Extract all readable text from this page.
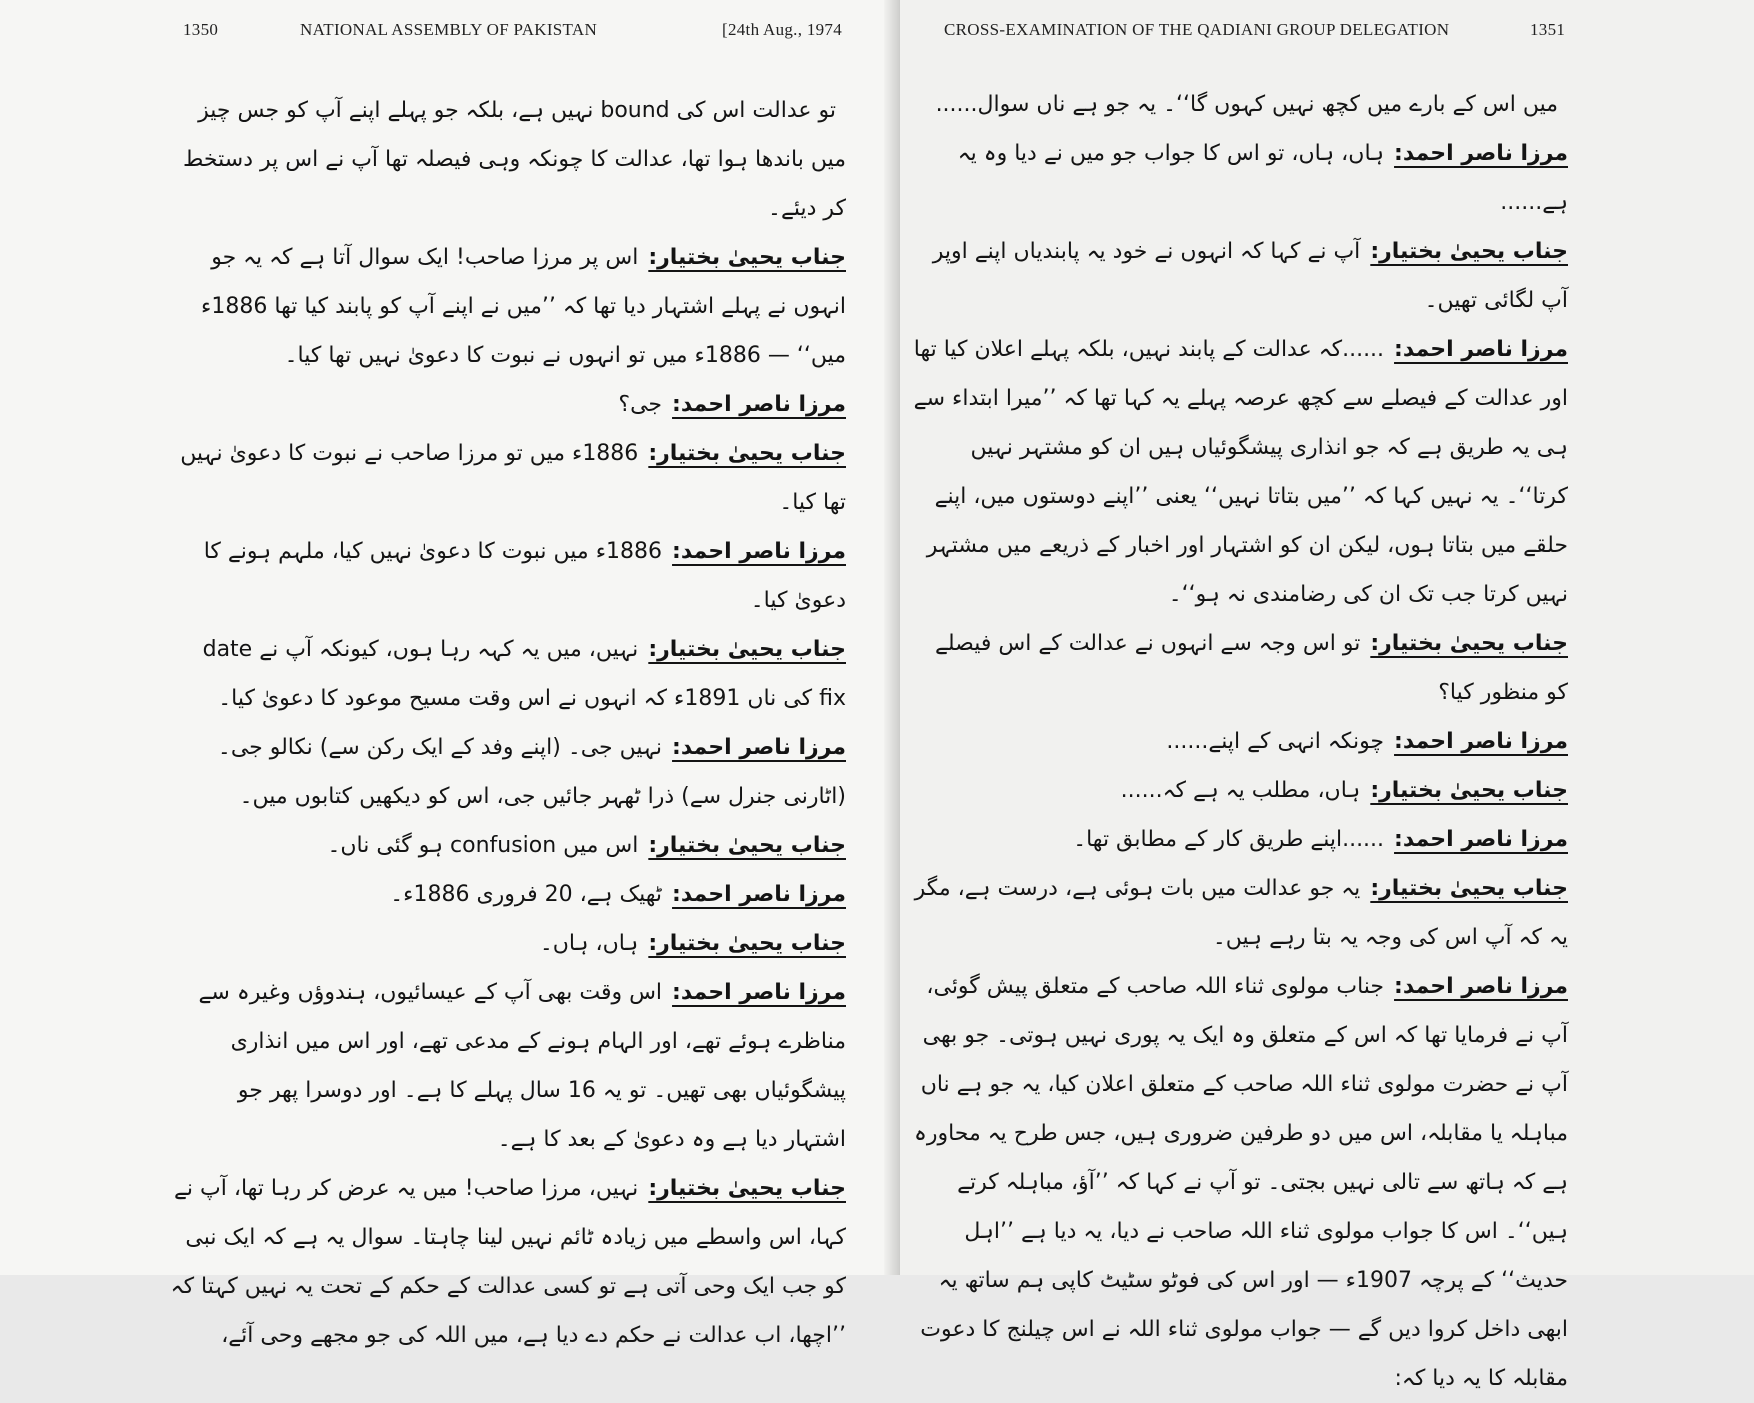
1350	NATIONAL ASSEMBLY OF PAKISTAN	[24th Aug., 1974

تو عدالت اس کی bound نہیں ہے، بلکہ جو پہلے اپنے آپ کو جس چیز میں باندھا ہوا تھا، عدالت کا چونکہ وہی فیصلہ تھا آپ نے اس پر دستخط کر دیئے۔

جناب یحییٰ بختیار:اس پر مرزا صاحب! ایک سوال آتا ہے کہ یہ جو انہوں نے پہلے اشتہار دیا تھا کہ ’’میں نے اپنے آپ کو پابند کیا تھا 1886ء میں‘‘ — 1886ء میں تو انہوں نے نبوت کا دعویٰ نہیں تھا کیا۔

مرزا ناصر احمد:جی؟

جناب یحییٰ بختیار:1886ء میں تو مرزا صاحب نے نبوت کا دعویٰ نہیں تھا کیا۔

مرزا ناصر احمد:1886ء میں نبوت کا دعویٰ نہیں کیا، ملہم ہونے کا دعویٰ کیا۔

جناب یحییٰ بختیار:نہیں، میں یہ کہہ رہا ہوں، کیونکہ آپ نے date fix کی ناں 1891ء کہ انہوں نے اس وقت مسیح موعود کا دعویٰ کیا۔

مرزا ناصر احمد:نہیں جی۔ (اپنے وفد کے ایک رکن سے) نکالو جی۔ (اٹارنی جنرل سے) ذرا ٹھہر جائیں جی، اس کو دیکھیں کتابوں میں۔

جناب یحییٰ بختیار:اس میں confusion ہو گئی ناں۔

مرزا ناصر احمد:ٹھیک ہے، 20 فروری 1886ء۔

جناب یحییٰ بختیار:ہاں، ہاں۔

مرزا ناصر احمد:اس وقت بھی آپ کے عیسائیوں، ہندوؤں وغیرہ سے مناظرے ہوئے تھے، اور الہام ہونے کے مدعی تھے، اور اس میں انذاری پیشگوئیاں بھی تھیں۔ تو یہ 16 سال پہلے کا ہے۔ اور دوسرا پھر جو اشتہار دیا ہے وہ دعویٰ کے بعد کا ہے۔

جناب یحییٰ بختیار:نہیں، مرزا صاحب! میں یہ عرض کر رہا تھا، آپ نے کہا، اس واسطے میں زیادہ ٹائم نہیں لینا چاہتا۔ سوال یہ ہے کہ ایک نبی کو جب ایک وحی آتی ہے تو کسی عدالت کے حکم کے تحت یہ نہیں کہتا کہ ’’اچھا، اب عدالت نے حکم دے دیا ہے، میں اللہ کی جو مجھے وحی آئے،

CROSS-EXAMINATION OF THE QADIANI GROUP DELEGATION	1351

میں اس کے بارے میں کچھ نہیں کہوں گا‘‘۔ یہ جو ہے ناں سوال......

مرزا ناصر احمد:ہاں، ہاں، تو اس کا جواب جو میں نے دیا وہ یہ ہے......

جناب یحییٰ بختیار:آپ نے کہا کہ انہوں نے خود یہ پابندیاں اپنے اوپر آپ لگائی تھیں۔

مرزا ناصر احمد:......کہ عدالت کے پابند نہیں، بلکہ پہلے اعلان کیا تھا اور عدالت کے فیصلے سے کچھ عرصہ پہلے یہ کہا تھا کہ ’’میرا ابتداء سے ہی یہ طریق ہے کہ جو انذاری پیشگوئیاں ہیں ان کو مشتہر نہیں کرتا‘‘۔ یہ نہیں کہا کہ ’’میں بتاتا نہیں‘‘ یعنی ’’اپنے دوستوں میں، اپنے حلقے میں بتاتا ہوں، لیکن ان کو اشتہار اور اخبار کے ذریعے میں مشتہر نہیں کرتا جب تک ان کی رضامندی نہ ہو‘‘۔

جناب یحییٰ بختیار:تو اس وجہ سے انہوں نے عدالت کے اس فیصلے کو منظور کیا؟

مرزا ناصر احمد:چونکہ انہی کے اپنے......

جناب یحییٰ بختیار:ہاں، مطلب یہ ہے کہ......

مرزا ناصر احمد:......اپنے طریق کار کے مطابق تھا۔

جناب یحییٰ بختیار:یہ جو عدالت میں بات ہوئی ہے، درست ہے، مگر یہ کہ آپ اس کی وجہ یہ بتا رہے ہیں۔

مرزا ناصر احمد:جناب مولوی ثناء اللہ صاحب کے متعلق پیش گوئی، آپ نے فرمایا تھا کہ اس کے متعلق وہ ایک یہ پوری نہیں ہوتی۔ جو بھی آپ نے حضرت مولوی ثناء اللہ صاحب کے متعلق اعلان کیا، یہ جو ہے ناں مباہلہ یا مقابلہ، اس میں دو طرفین ضروری ہیں، جس طرح یہ محاورہ ہے کہ ہاتھ سے تالی نہیں بجتی۔ تو آپ نے کہا کہ ’’آؤ، مباہلہ کرتے ہیں‘‘۔ اس کا جواب مولوی ثناء اللہ صاحب نے دیا، یہ دیا ہے ’’اہل حدیث‘‘ کے پرچہ 1907ء — اور اس کی فوٹو سٹیٹ کاپی ہم ساتھ یہ ابھی داخل کروا دیں گے — جواب مولوی ثناء اللہ نے اس چیلنج کا دعوت مقابلہ کا یہ دیا کہ:
